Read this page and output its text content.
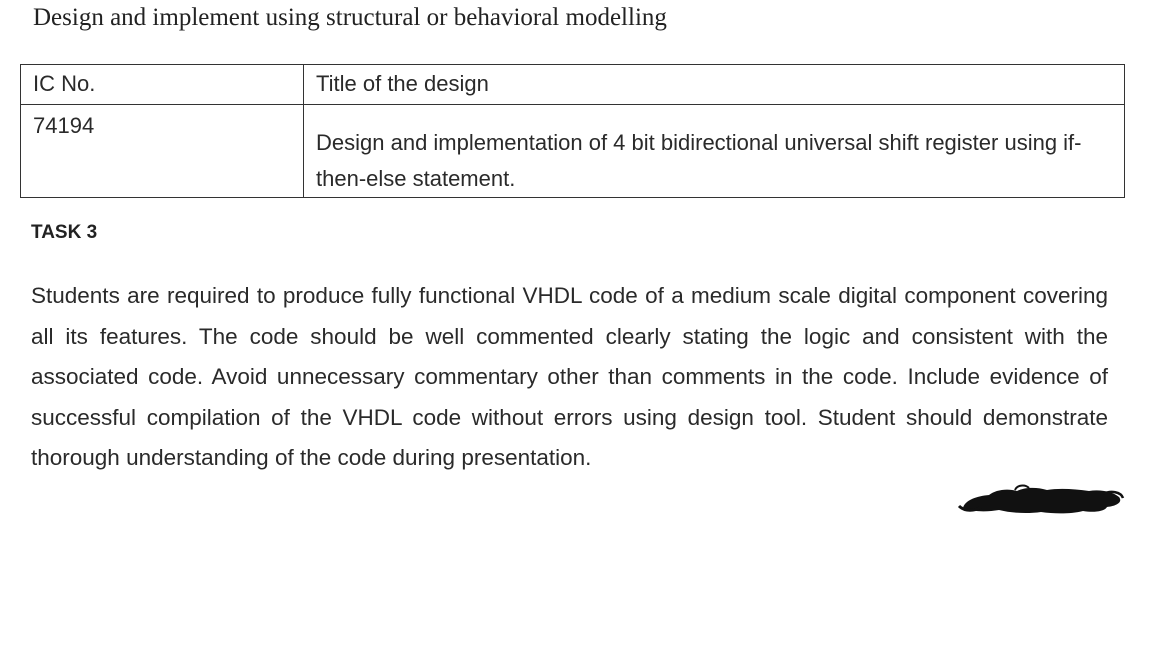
Design and implement using structural or behavioral modelling
IC No.	Title of the design
74194	Design and implementation of 4 bit bidirectional universal shift register using if-then-else statement.
TASK 3
Students are required to produce fully functional VHDL code of a medium scale digital component covering all its features. The code should be well commented clearly stating the logic and consistent with the associated code. Avoid unnecessary commentary other than comments in the code. Include evidence of successful compilation of the VHDL code without errors using design tool. Student should demonstrate thorough understanding of the code during presentation.
